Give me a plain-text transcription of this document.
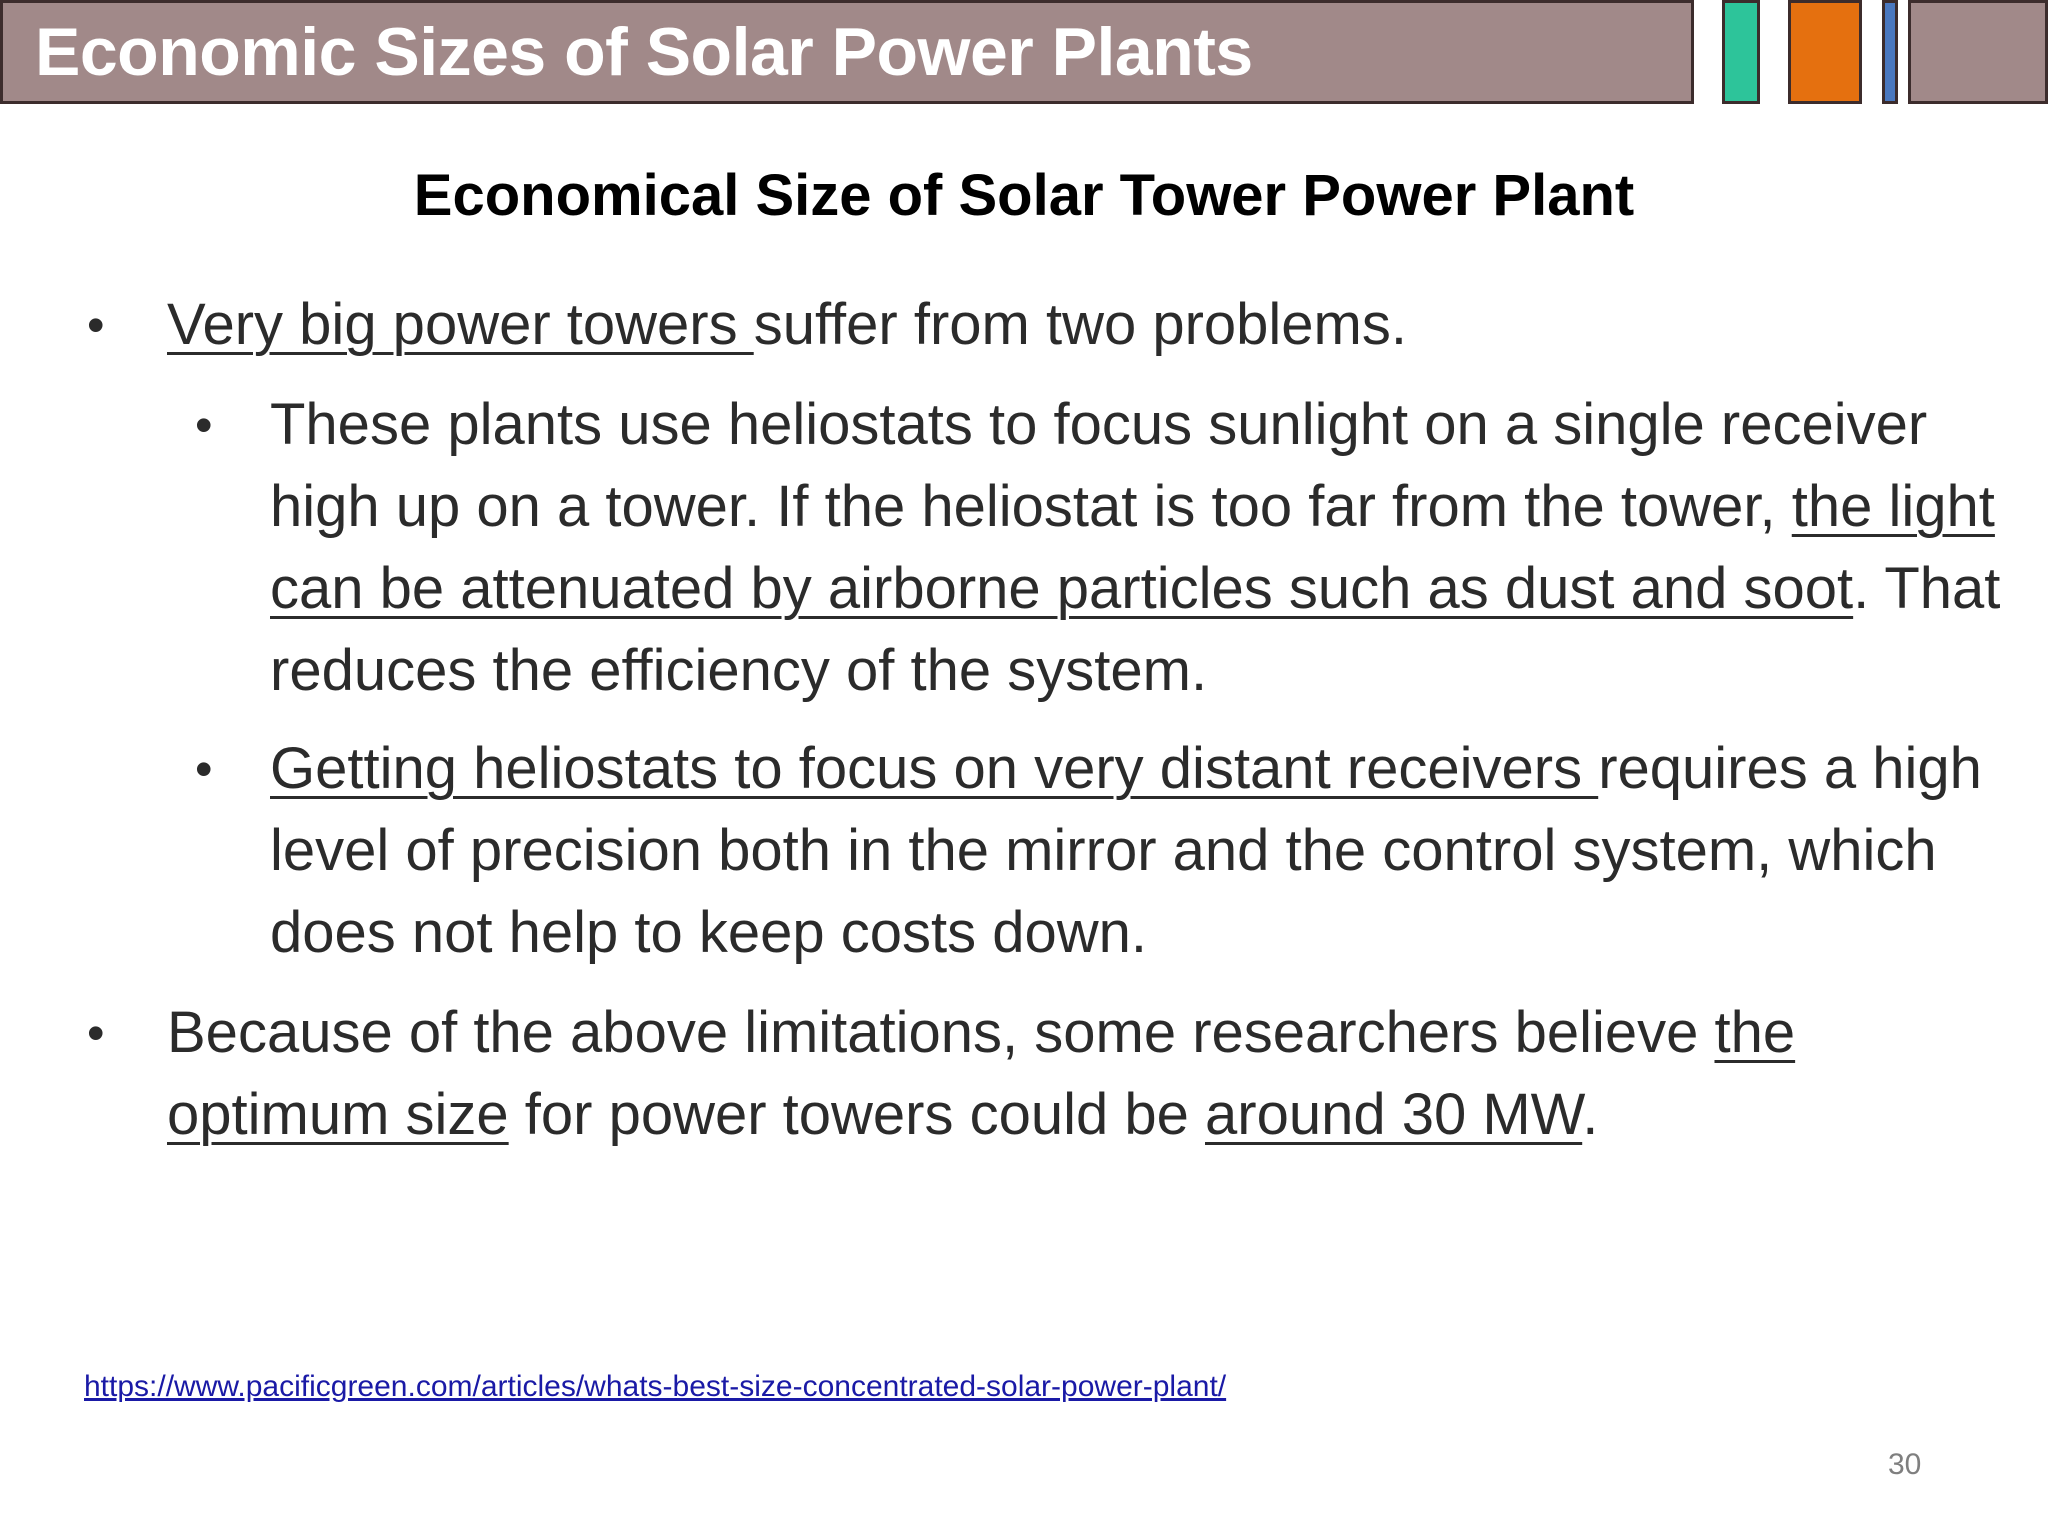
Economic Sizes of Solar Power Plants
Economical Size of Solar Tower Power Plant
• Very big power towers suffer from two problems.
• These plants use heliostats to focus sunlight on a single receiver high up on a tower. If the heliostat is too far from the tower, the light can be attenuated by airborne particles such as dust and soot. That reduces the efficiency of the system.
• Getting heliostats to focus on very distant receivers requires a high level of precision both in the mirror and the control system, which does not help to keep costs down.
• Because of the above limitations, some researchers believe the optimum size for power towers could be around 30 MW.
https://www.pacificgreen.com/articles/whats-best-size-concentrated-solar-power-plant/
30
